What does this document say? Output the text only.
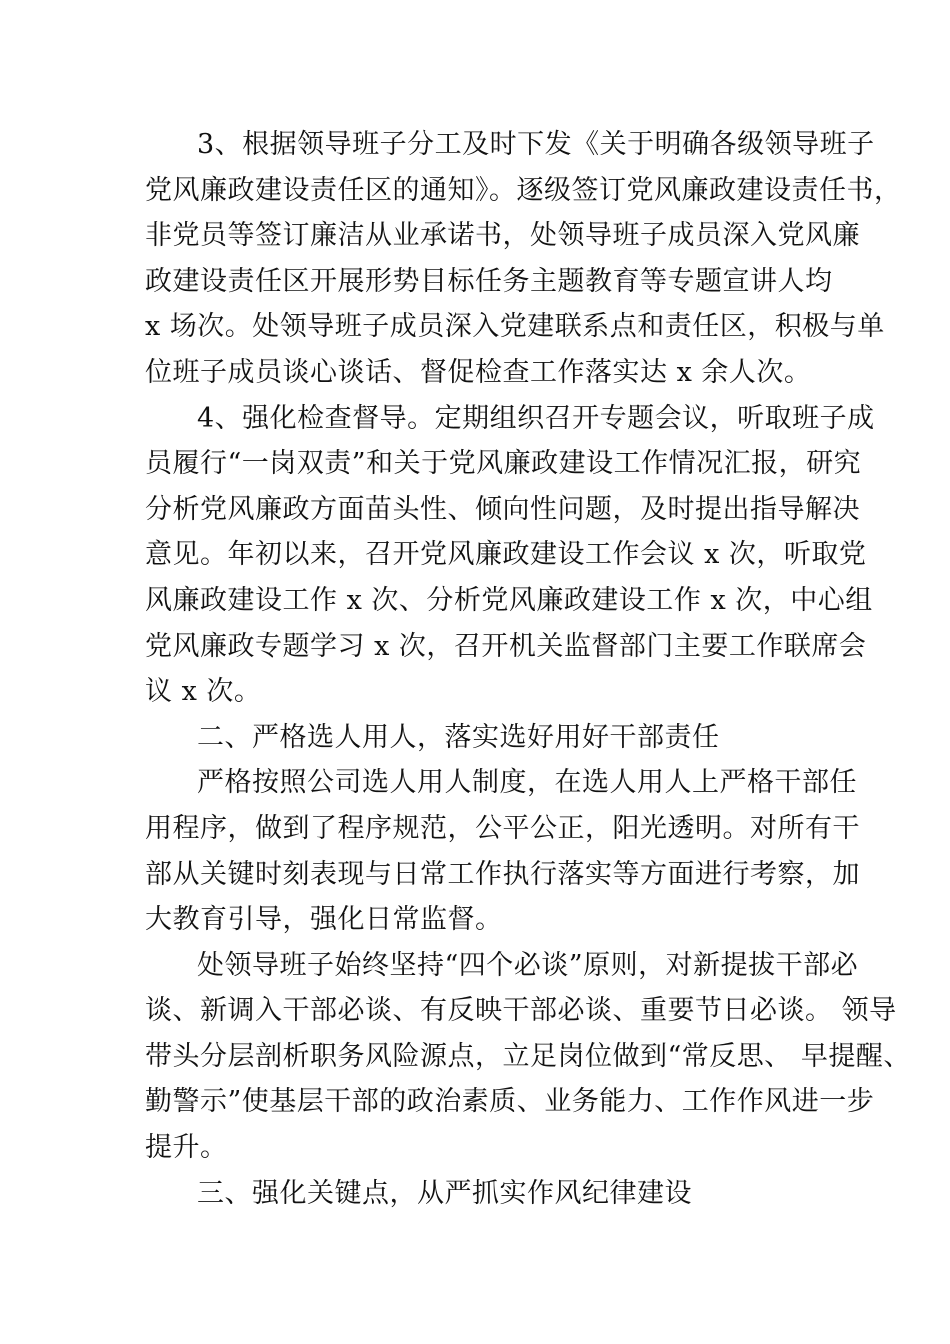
3、根据领导班子分工及时下发《关于明确各级领导班子
党风廉政建设责任区的通知》。逐级签订党风廉政建设责任书，
非党员等签订廉洁从业承诺书，处领导班子成员深入党风廉
政建设责任区开展形势目标任务主题教育等专题宣讲人均
x 场次。处领导班子成员深入党建联系点和责任区，积极与单
位班子成员谈心谈话、督促检查工作落实达 x 余人次。

4、强化检查督导。定期组织召开专题会议，听取班子成
员履行“一岗双责”和关于党风廉政建设工作情况汇报，研究
分析党风廉政方面苗头性、倾向性问题，及时提出指导解决
意见。年初以来，召开党风廉政建设工作会议 x 次，听取党
风廉政建设工作 x 次、分析党风廉政建设工作 x 次，中心组
党风廉政专题学习 x 次，召开机关监督部门主要工作联席会
议 x 次。

二、严格选人用人，落实选好用好干部责任

严格按照公司选人用人制度，在选人用人上严格干部任
用程序，做到了程序规范，公平公正，阳光透明。对所有干
部从关键时刻表现与日常工作执行落实等方面进行考察，加
大教育引导，强化日常监督。

处领导班子始终坚持“四个必谈”原则，对新提拔干部必
谈、新调入干部必谈、有反映干部必谈、重要节日必谈。 领导
带头分层剖析职务风险源点，立足岗位做到“常反思、 早提醒、
勤警示”使基层干部的政治素质、业务能力、工作作风进一步
提升。

三、强化关键点，从严抓实作风纪律建设
